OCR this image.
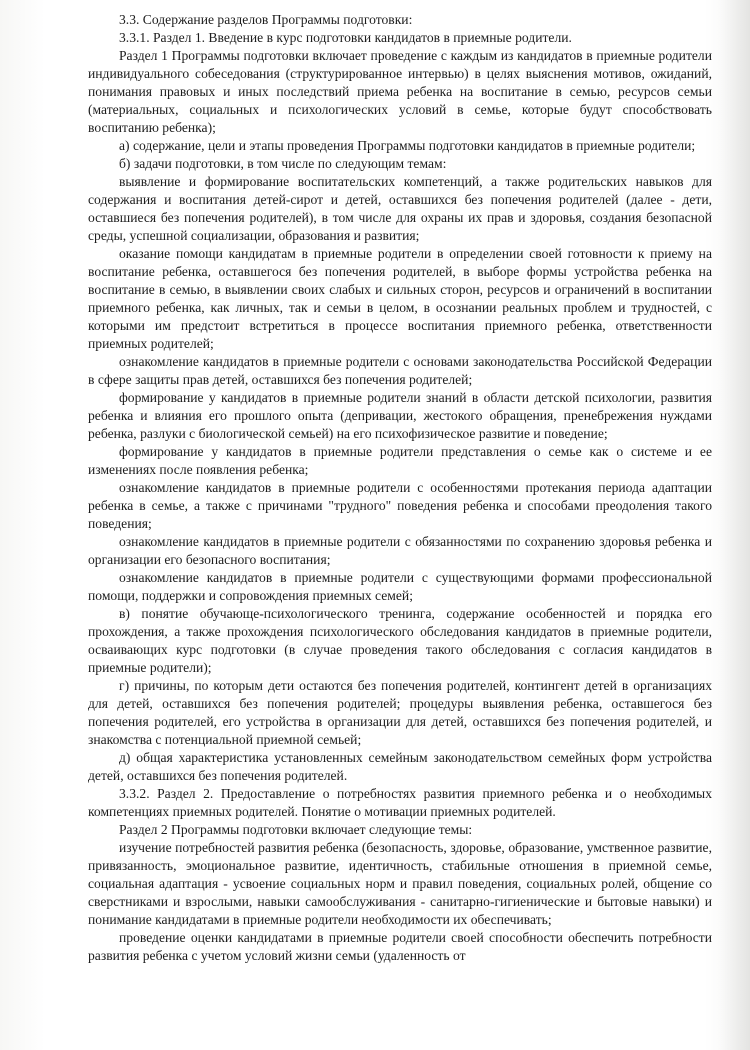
3.3. Содержание разделов Программы подготовки:

3.3.1. Раздел 1. Введение в курс подготовки кандидатов в приемные родители.

Раздел 1 Программы подготовки включает проведение с каждым из кандидатов в приемные родители индивидуального собеседования (структурированное интервью) в целях выяснения мотивов, ожиданий, понимания правовых и иных последствий приема ребенка на воспитание в семью, ресурсов семьи (материальных, социальных и психологических условий в семье, которые будут способствовать воспитанию ребенка);

а) содержание, цели и этапы проведения Программы подготовки кандидатов в приемные родители;

б) задачи подготовки, в том числе по следующим темам:

выявление и формирование воспитательских компетенций, а также родительских навыков для содержания и воспитания детей-сирот и детей, оставшихся без попечения родителей (далее - дети, оставшиеся без попечения родителей), в том числе для охраны их прав и здоровья, создания безопасной среды, успешной социализации, образования и развития;

оказание помощи кандидатам в приемные родители в определении своей готовности к приему на воспитание ребенка, оставшегося без попечения родителей, в выборе формы устройства ребенка на воспитание в семью, в выявлении своих слабых и сильных сторон, ресурсов и ограничений в воспитании приемного ребенка, как личных, так и семьи в целом, в осознании реальных проблем и трудностей, с которыми им предстоит встретиться в процессе воспитания приемного ребенка, ответственности приемных родителей;

ознакомление кандидатов в приемные родители с основами законодательства Российской Федерации в сфере защиты прав детей, оставшихся без попечения родителей;

формирование у кандидатов в приемные родители знаний в области детской психологии, развития ребенка и влияния его прошлого опыта (депривации, жестокого обращения, пренебрежения нуждами ребенка, разлуки с биологической семьей) на его психофизическое развитие и поведение;

формирование у кандидатов в приемные родители представления о семье как о системе и ее изменениях после появления ребенка;

ознакомление кандидатов в приемные родители с особенностями протекания периода адаптации ребенка в семье, а также с причинами "трудного" поведения ребенка и способами преодоления такого поведения;

ознакомление кандидатов в приемные родители с обязанностями по сохранению здоровья ребенка и организации его безопасного воспитания;

ознакомление кандидатов в приемные родители с существующими формами профессиональной помощи, поддержки и сопровождения приемных семей;

в) понятие обучающе-психологического тренинга, содержание особенностей и порядка его прохождения, а также прохождения психологического обследования кандидатов в приемные родители, осваивающих курс подготовки (в случае проведения такого обследования с согласия кандидатов в приемные родители);

г) причины, по которым дети остаются без попечения родителей, контингент детей в организациях для детей, оставшихся без попечения родителей; процедуры выявления ребенка, оставшегося без попечения родителей, его устройства в организации для детей, оставшихся без попечения родителей, и знакомства с потенциальной приемной семьей;

д) общая характеристика установленных семейным законодательством семейных форм устройства детей, оставшихся без попечения родителей.

3.3.2. Раздел 2. Предоставление о потребностях развития приемного ребенка и о необходимых компетенциях приемных родителей. Понятие о мотивации приемных родителей.

Раздел 2 Программы подготовки включает следующие темы:

изучение потребностей развития ребенка (безопасность, здоровье, образование, умственное развитие, привязанность, эмоциональное развитие, идентичность, стабильные отношения в приемной семье, социальная адаптация - усвоение социальных норм и правил поведения, социальных ролей, общение со сверстниками и взрослыми, навыки самообслуживания - санитарно-гигиенические и бытовые навыки) и понимание кандидатами в приемные родители необходимости их обеспечивать;

проведение оценки кандидатами в приемные родители своей способности обеспечить потребности развития ребенка с учетом условий жизни семьи (удаленность от
